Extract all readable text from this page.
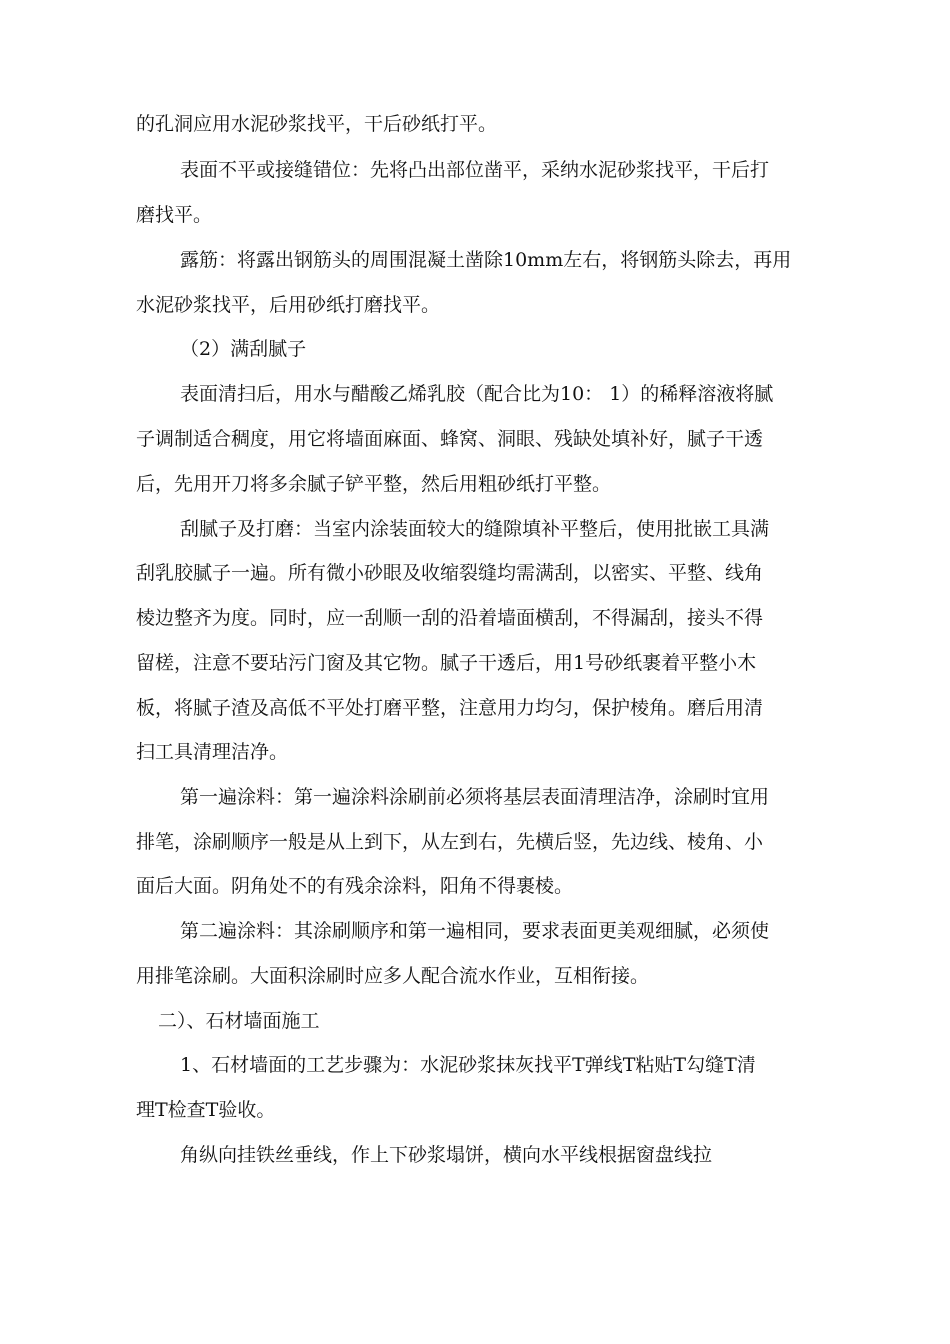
的孔洞应用水泥砂浆找平，干后砂纸打平。
表面不平或接缝错位：先将凸出部位凿平，采纳水泥砂浆找平，干后打
磨找平。
露筋：将露出钢筋头的周围混凝土凿除10mm左右，将钢筋头除去，再用
水泥砂浆找平，后用砂纸打磨找平。
（2）满刮腻子
表面清扫后，用水与醋酸乙烯乳胶（配合比为10： 1）的稀释溶液将腻
子调制适合稠度，用它将墙面麻面、蜂窝、洞眼、残缺处填补好，腻子干透
后，先用开刀将多余腻子铲平整，然后用粗砂纸打平整。
刮腻子及打磨：当室内涂装面较大的缝隙填补平整后，使用批嵌工具满
刮乳胶腻子一遍。所有微小砂眼及收缩裂缝均需满刮，以密实、平整、线角
棱边整齐为度。同时，应一刮顺一刮的沿着墙面横刮，不得漏刮，接头不得
留槎，注意不要玷污门窗及其它物。腻子干透后，用1号砂纸裹着平整小木
板，将腻子渣及高低不平处打磨平整，注意用力均匀，保护棱角。磨后用清
扫工具清理洁净。
第一遍涂料：第一遍涂料涂刷前必须将基层表面清理洁净，涂刷时宜用
排笔，涂刷顺序一般是从上到下，从左到右，先横后竖，先边线、棱角、小
面后大面。阴角处不的有残余涂料，阳角不得裹棱。
第二遍涂料：其涂刷顺序和第一遍相同，要求表面更美观细腻，必须使
用排笔涂刷。大面积涂刷时应多人配合流水作业，互相衔接。
二）、石材墙面施工
1、石材墙面的工艺步骤为：水泥砂浆抹灰找平T弹线T粘贴T勾缝T清
理T检查T验收。
角纵向挂铁丝垂线，作上下砂浆塌饼，横向水平线根据窗盘线拉
